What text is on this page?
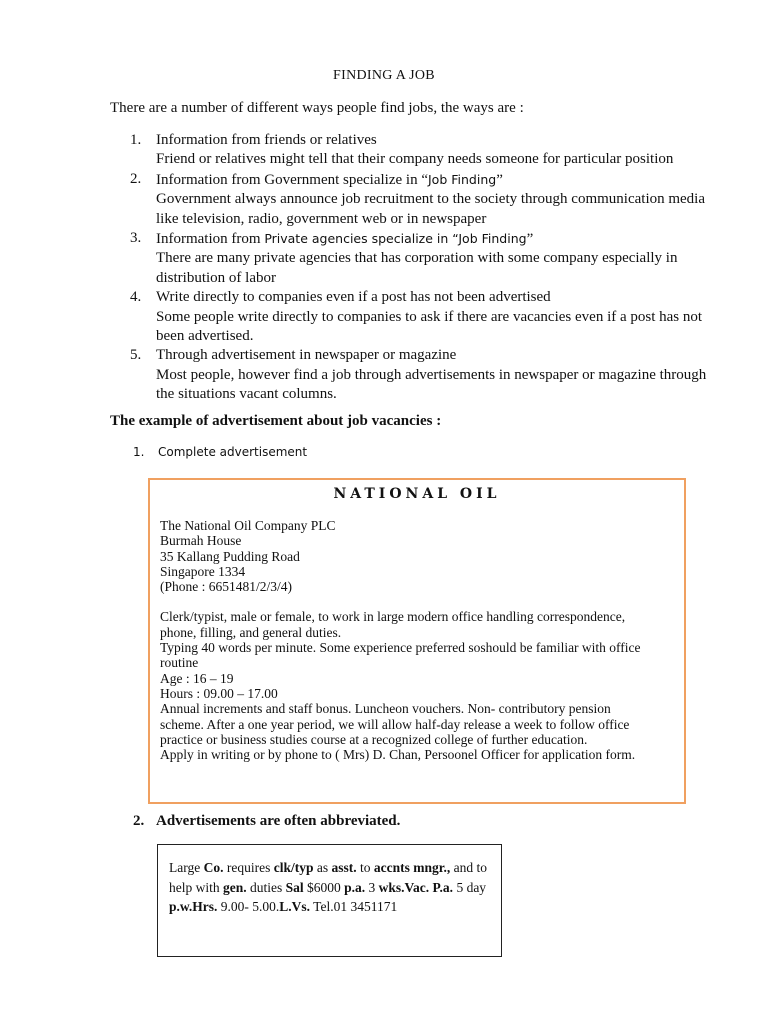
FINDING A JOB
There are a number of different ways people find jobs, the ways are :
1. Information from friends or relatives
Friend or relatives might tell that their company needs someone for particular position
2. Information from Government specialize in “Job Finding”
Government always announce job recruitment to the society through communication media like television, radio, government web or in newspaper
3. Information from Private agencies specialize in “Job Finding”
There are many private agencies that has corporation with some company especially in distribution of labor
4. Write directly to companies even if a post has not been advertised
Some people write directly to companies to ask if there are vacancies even if a post has not been advertised.
5. Through advertisement in newspaper or magazine
Most people, however find a job through advertisements in newspaper or magazine through the situations vacant columns.
The example of advertisement about job vacancies :
1. Complete advertisement
NATIONAL OIL
The National Oil Company PLC
Burmah House
35 Kallang Pudding Road
Singapore 1334
(Phone : 6651481/2/3/4)
Clerk/typist, male or female, to work in large modern office handling correspondence,
phone, filling, and general duties.
Typing 40 words per minute. Some experience preferred soshould be familiar with office
routine
Age : 16 – 19
Hours : 09.00 – 17.00
Annual increments and staff bonus. Luncheon vouchers. Non- contributory pension
scheme. After a one year period, we will allow half-day release a week to follow office
practice or business studies course at a recognized college of further education.
Apply in writing or by phone to ( Mrs) D. Chan, Persoonel Officer for application form.
2. Advertisements are often abbreviated.
Large Co. requires clk/typ as asst. to accnts mngr., and to help with gen. duties Sal $6000 p.a. 3 wks.Vac. P.a. 5 day p.w.Hrs. 9.00- 5.00.L.Vs. Tel.01 3451171
